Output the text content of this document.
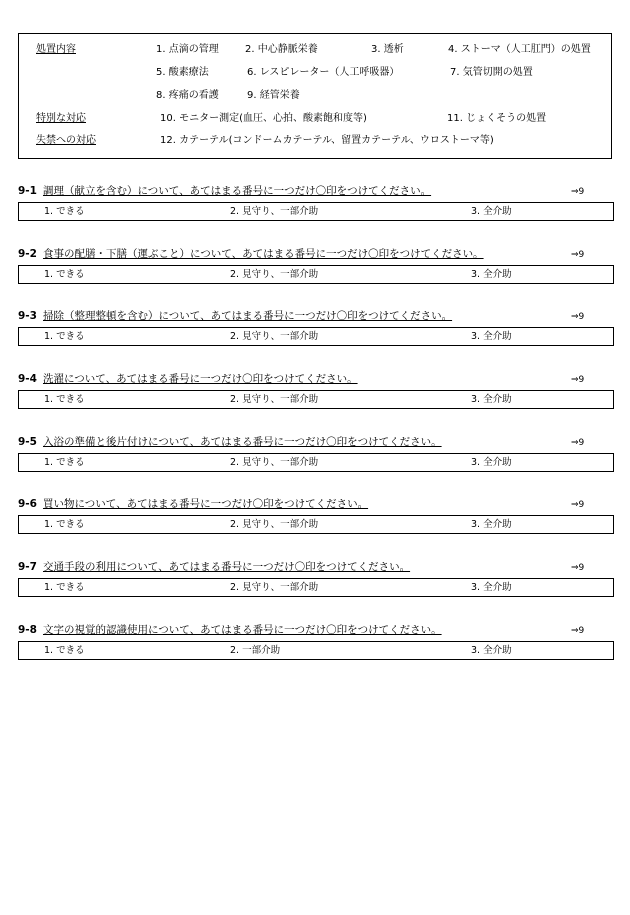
処置内容	1. 点滴の管理	2. 中心静脈栄養	3. 透析	4. ストーマ（人工肛門）の処置
5. 酸素療法	6. レスピレーター（人工呼吸器）	7. 気管切開の処置
8. 疼痛の看護	9. 経管栄養
特別な対応	10. モニター測定(血圧、心拍、酸素飽和度等)	11. じょくそうの処置
失禁への対応	12. カテーテル(コンドームカテーテル、留置カテーテル、ウロストーマ等)
9-1 調理（献立を含む）について、あてはまる番号に一つだけ〇印をつけてください。	⇒9
1. できる	2. 見守り、一部介助	3. 全介助
9-2 食事の配膳・下膳（運ぶこと）について、あてはまる番号に一つだけ〇印をつけてください。	⇒9
1. できる	2. 見守り、一部介助	3. 全介助
9-3 掃除（整理整頓を含む）について、あてはまる番号に一つだけ〇印をつけてください。	⇒9
1. できる	2. 見守り、一部介助	3. 全介助
9-4 洗濯について、あてはまる番号に一つだけ〇印をつけてください。	⇒9
1. できる	2. 見守り、一部介助	3. 全介助
9-5 入浴の準備と後片付けについて、あてはまる番号に一つだけ〇印をつけてください。	⇒9
1. できる	2. 見守り、一部介助	3. 全介助
9-6 買い物について、あてはまる番号に一つだけ〇印をつけてください。	⇒9
1. できる	2. 見守り、一部介助	3. 全介助
9-7 交通手段の利用について、あてはまる番号に一つだけ〇印をつけてください。	⇒9
1. できる	2. 見守り、一部介助	3. 全介助
9-8 文字の視覚的認識使用について、あてはまる番号に一つだけ〇印をつけてください。	⇒9
1. できる	2. 一部介助	3. 全介助
